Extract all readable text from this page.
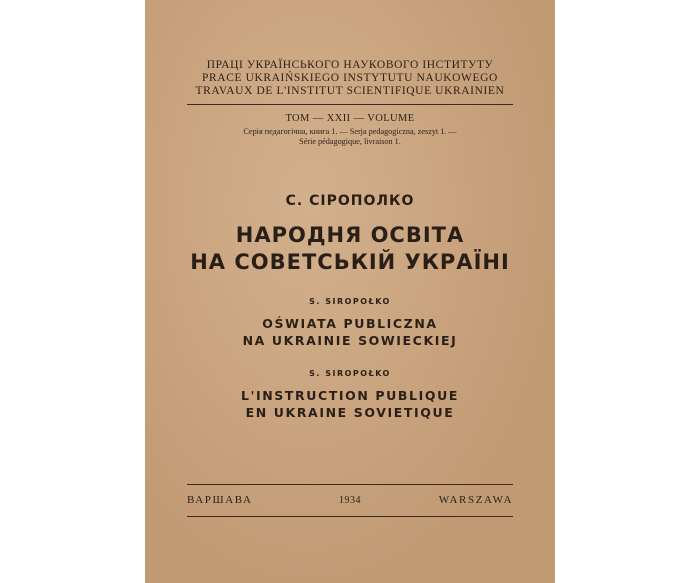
ПРАЦІ УКРАЇНСЬКОГО НАУКОВОГО ІНСТИТУТУ
PRACE UKRAIŃSKIEGO INSTYTUTU NAUKOWEGO
TRAVAUX DE L'INSTITUT SCIENTIFIQUE UKRAINIEN
TOM — XXII — VOLUME
Серія педагогічна, книга 1. — Serja pedagogiczna, zeszyt 1. —
Série pédagogique, livraison 1.
С. СІРОПОЛКО
НАРОДНЯ ОСВІТА
НА СОВЕТСЬКІЙ УКРАЇНІ
S. SIROPOŁKO
OŚWIATA PUBLICZNA
NA UKRAINIE SOWIECKIEJ
S. SIROPOŁKO
L'INSTRUCTION PUBLIQUE
EN UKRAINE SOVIETIQUE
ВАРШАВА	1934	WARSZAWA
